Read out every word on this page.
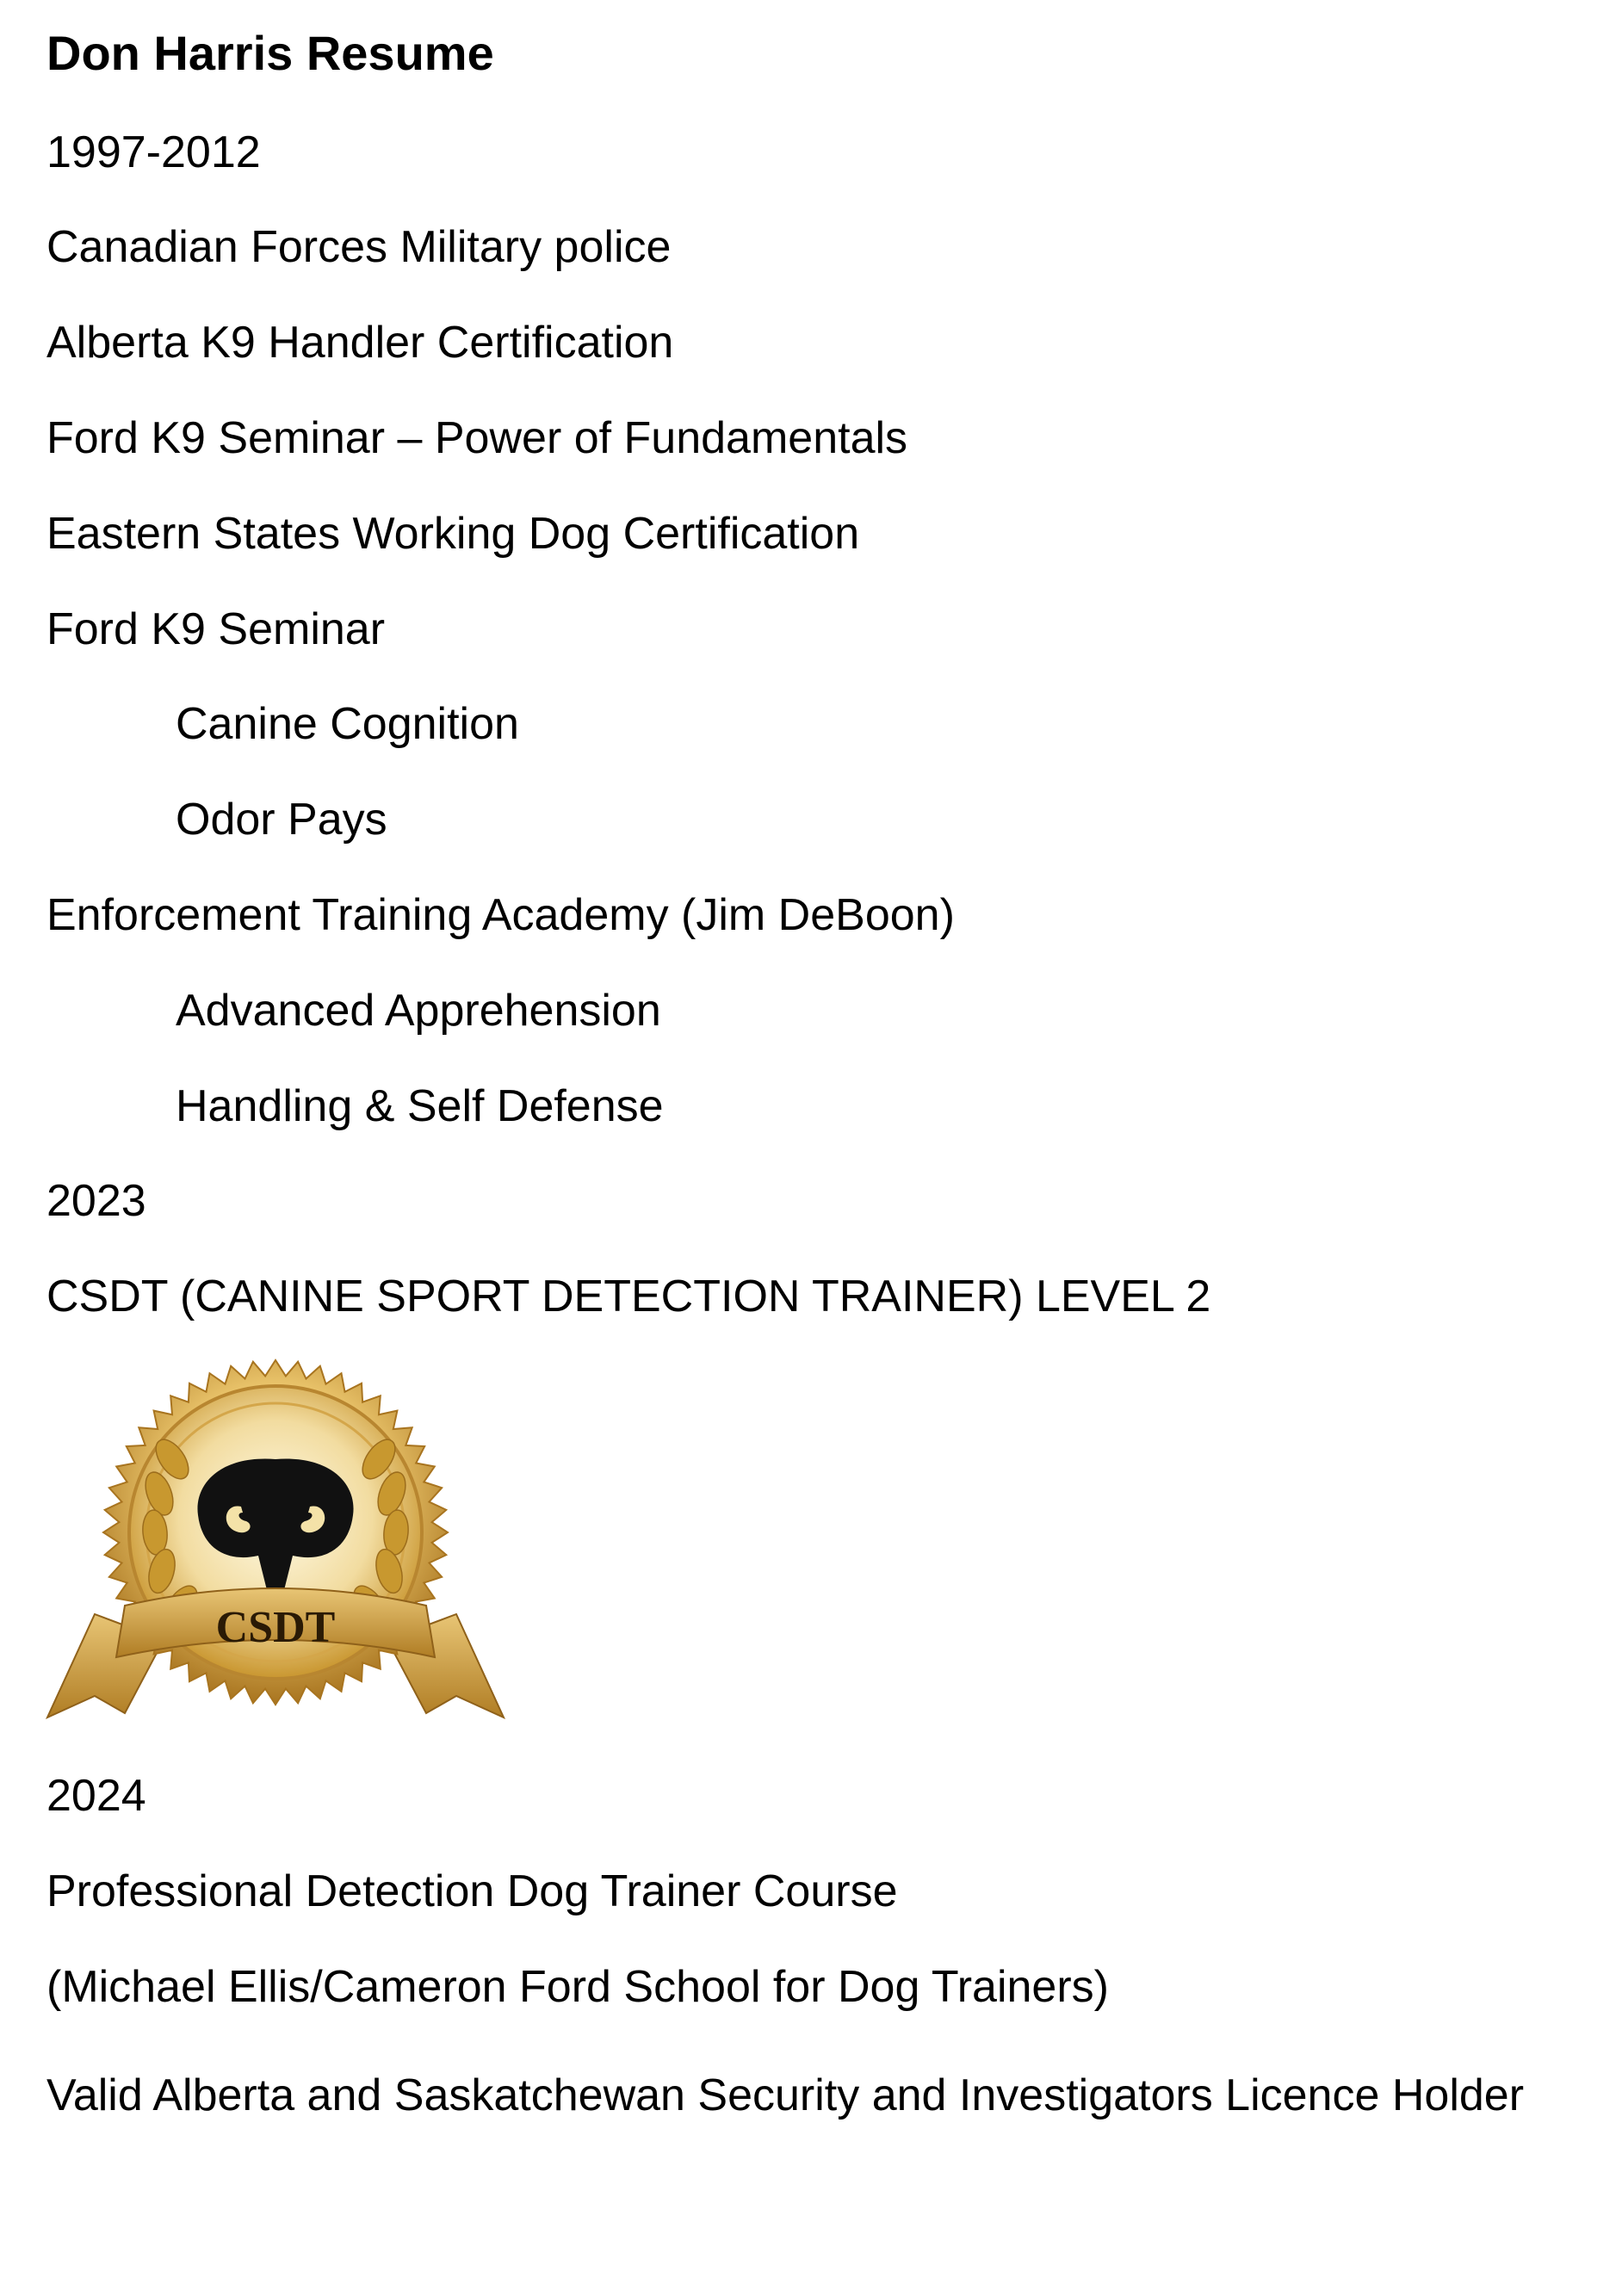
Don Harris Resume
1997-2012
Canadian Forces Military police
Alberta K9 Handler Certification
Ford K9 Seminar – Power of Fundamentals
Eastern States Working Dog Certification
Ford K9 Seminar
Canine Cognition
Odor Pays
Enforcement Training Academy (Jim DeBoon)
Advanced Apprehension
Handling & Self Defense
2023
CSDT (CANINE SPORT DETECTION TRAINER) LEVEL 2
CSDT
2024
Professional Detection Dog Trainer Course
(Michael Ellis/Cameron Ford School for Dog Trainers)
Valid Alberta and Saskatchewan Security and Investigators Licence Holder
